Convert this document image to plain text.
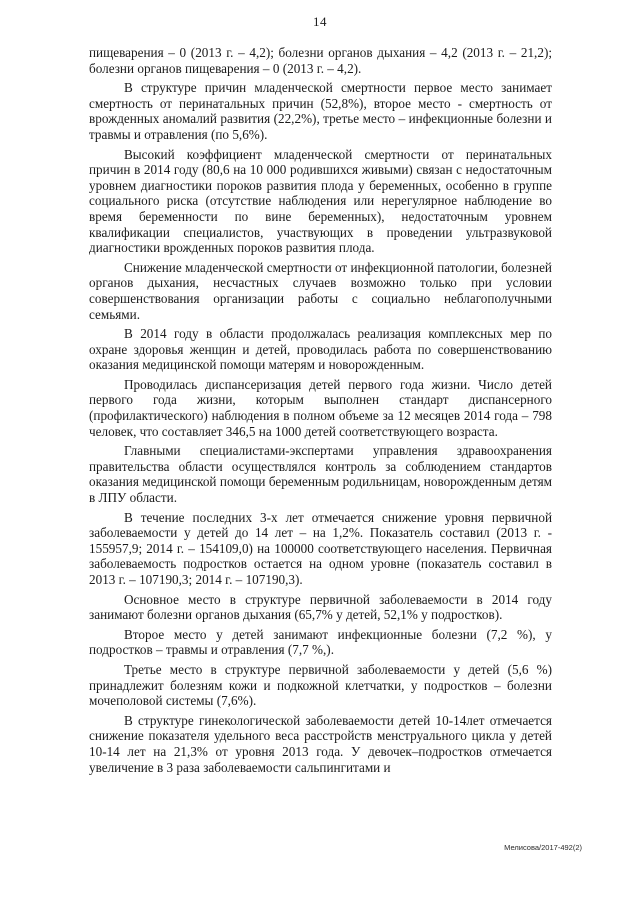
14

пищеварения – 0 (2013 г. – 4,2); болезни органов дыхания – 4,2 (2013 г. – 21,2); болезни органов пищеварения – 0 (2013 г. – 4,2).

В структуре причин младенческой смертности первое место занимает смертность от перинатальных причин (52,8%), второе место - смертность от врожденных аномалий развития (22,2%), третье место – инфекционные болезни и травмы и отравления (по 5,6%).

Высокий коэффициент младенческой смертности от перинатальных причин в 2014 году (80,6 на 10 000 родившихся живыми) связан с недостаточным уровнем диагностики пороков развития плода у беременных, особенно в группе социального риска (отсутствие наблюдения или нерегулярное наблюдение во время беременности по вине беременных), недостаточным уровнем квалификации специалистов, участвующих в проведении ультразвуковой диагностики врожденных пороков развития плода.

Снижение младенческой смертности от инфекционной патологии, болезней органов дыхания, несчастных случаев возможно только при условии совершенствования организации работы с социально неблагополучными семьями.

В 2014 году в области продолжалась реализация комплексных мер по охране здоровья женщин и детей, проводилась работа по совершенствованию оказания медицинской помощи матерям и новорожденным.

Проводилась диспансеризация детей первого года жизни. Число детей первого года жизни, которым выполнен стандарт диспансерного (профилактического) наблюдения в полном объеме за 12 месяцев 2014 года – 798 человек, что составляет 346,5 на 1000 детей соответствующего возраста.

Главными специалистами-экспертами управления здравоохранения правительства области осуществлялся контроль за соблюдением стандартов оказания медицинской помощи беременным родильницам, новорожденным детям в ЛПУ области.

В течение последних 3-х лет отмечается снижение уровня первичной заболеваемости у детей до 14 лет – на 1,2%. Показатель составил (2013 г. - 155957,9; 2014 г. – 154109,0) на 100000 соответствующего населения. Первичная заболеваемость подростков остается на одном уровне (показатель составил в 2013 г. – 107190,3; 2014 г. – 107190,3).

Основное место в структуре первичной заболеваемости в 2014 году занимают болезни органов дыхания (65,7% у детей, 52,1% у подростков).

Второе место у детей занимают инфекционные болезни (7,2 %), у подростков – травмы и отравления (7,7 %,).

Третье место в структуре первичной заболеваемости у детей (5,6 %) принадлежит болезням кожи и подкожной клетчатки, у подростков – болезни мочеполовой системы (7,6%).

В структуре гинекологической заболеваемости детей 10-14лет отмечается снижение показателя удельного веса расстройств менструального цикла у детей 10-14 лет на 21,3% от уровня 2013 года. У девочек–подростков отмечается увеличение в 3 раза заболеваемости сальпингитами и

Мелисова/2017-492(2)
